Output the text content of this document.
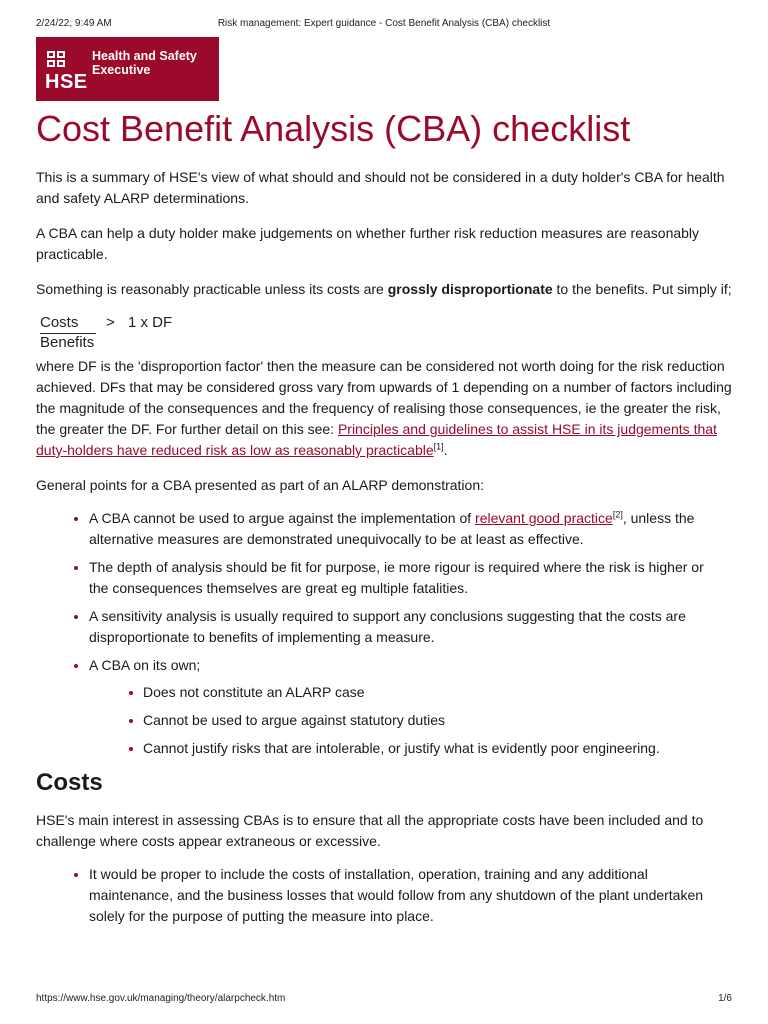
2/24/22, 9:49 AM	Risk management: Expert guidance - Cost Benefit Analysis (CBA) checklist
HSE
Health and Safety
Executive
Cost Benefit Analysis (CBA) checklist

This is a summary of HSE's view of what should and should not be considered in a duty holder's CBA for health and safety ALARP determinations.

A CBA can help a duty holder make judgements on whether further risk reduction measures are reasonably practicable.

Something is reasonably practicable unless its costs are grossly disproportionate to the benefits. Put simply if;

Costs
Benefits
> 1 x DF

where DF is the 'disproportion factor' then the measure can be considered not worth doing for the risk reduction achieved. DFs that may be considered gross vary from upwards of 1 depending on a number of factors including the magnitude of the consequences and the frequency of realising those consequences, ie the greater the risk, the greater the DF. For further detail on this see: Principles and guidelines to assist HSE in its judgements that duty-holders have reduced risk as low as reasonably practicable[1].

General points for a CBA presented as part of an ALARP demonstration:

A CBA cannot be used to argue against the implementation of relevant good practice[2], unless the alternative measures are demonstrated unequivocally to be at least as effective.
The depth of analysis should be fit for purpose, ie more rigour is required where the risk is higher or the consequences themselves are great eg multiple fatalities.
A sensitivity analysis is usually required to support any conclusions suggesting that the costs are disproportionate to benefits of implementing a measure.
A CBA on its own;
Does not constitute an ALARP case
Cannot be used to argue against statutory duties
Cannot justify risks that are intolerable, or justify what is evidently poor engineering.
Costs

HSE's main interest in assessing CBAs is to ensure that all the appropriate costs have been included and to challenge where costs appear extraneous or excessive.

It would be proper to include the costs of installation, operation, training and any additional maintenance, and the business losses that would follow from any shutdown of the plant undertaken solely for the purpose of putting the measure into place.
https://www.hse.gov.uk/managing/theory/alarpcheck.htm	1/6
